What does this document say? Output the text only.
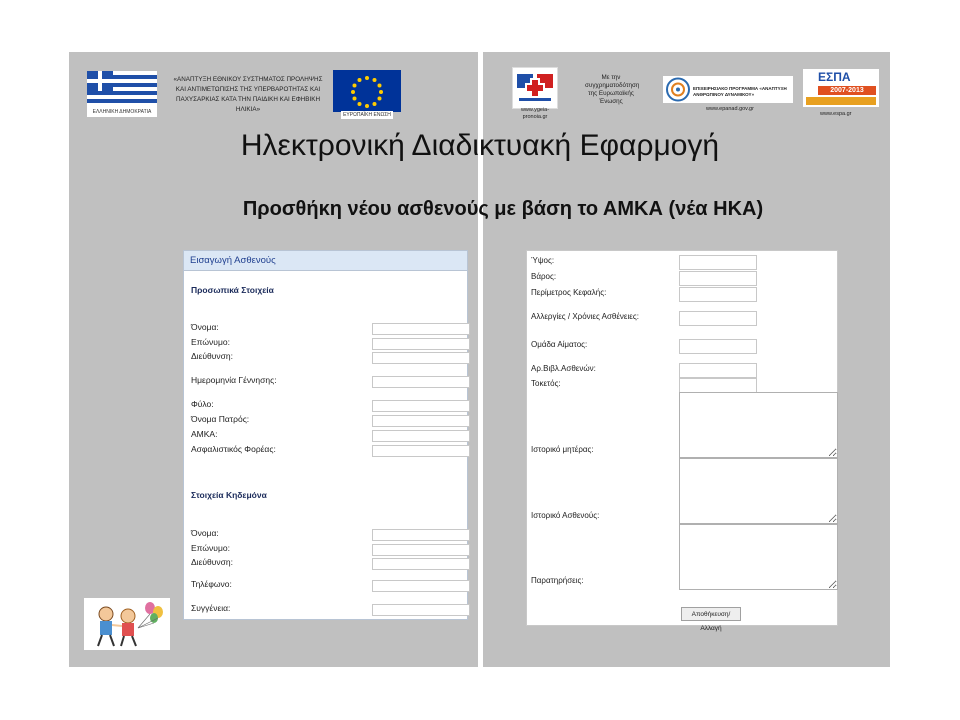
ΕΛΛΗΝΙΚΗ ΔΗΜΟΚΡΑΤΙΑ
«ΑΝΑΠΤΥΞΗ ΕΘΝΙΚΟΥ ΣΥΣΤΗΜΑΤΟΣ ΠΡΟΛΗΨΗΣ ΚΑΙ ΑΝΤΙΜΕΤΩΠΙΣΗΣ ΤΗΣ ΥΠΕΡΒΑΡΟΤΗΤΑΣ ΚΑΙ ΠΑΧΥΣΑΡΚΙΑΣ ΚΑΤΑ ΤΗΝ ΠΑΙΔΙΚΗ ΚΑΙ ΕΦΗΒΙΚΗ ΗΛΙΚΙΑ»
ΕΥΡΩΠΑΪΚΗ ΕΝΩΣΗ
www.ygeia-pronoia.gr
Με την συγχρηματοδότηση της Ευρωπαϊκής Ένωσης
ΕΠΙΧΕΙΡΗΣΙΑΚΟ ΠΡΟΓΡΑΜΜΑ «ΑΝΑΠΤΥΞΗ ΑΝΘΡΩΠΙΝΟΥ ΔΥΝΑΜΙΚΟΥ»
www.epanad.gov.gr
ΕΣΠΑ
2007-2013
www.espa.gr
Ηλεκτρονική Διαδικτυακή Εφαρμογή
Προσθήκη νέου ασθενούς με βάση το ΑΜΚΑ (νέα ΗΚΑ)
Εισαγωγή Ασθενούς
Προσωπικά Στοιχεία
Όνομα:
Επώνυμο:
Διεύθυνση:
Ημερομηνία Γέννησης:
Φύλο:
Όνομα Πατρός:
ΑΜΚΑ:
Ασφαλιστικός Φορέας:
Στοιχεία Κηδεμόνα
Όνομα:
Επώνυμο:
Διεύθυνση:
Τηλέφωνο:
Συγγένεια:
Ύψος:
Βάρος:
Περίμετρος Κεφαλής:
Αλλεργίες / Χρόνιες Ασθένειες:
Ομάδα Αίματος:
Αρ.Βιβλ.Ασθενών:
Τοκετός:
Ιστορικό μητέρας:
Ιστορικό Ασθενούς:
Παρατηρήσεις:
Αποθήκευση/Αλλαγή
